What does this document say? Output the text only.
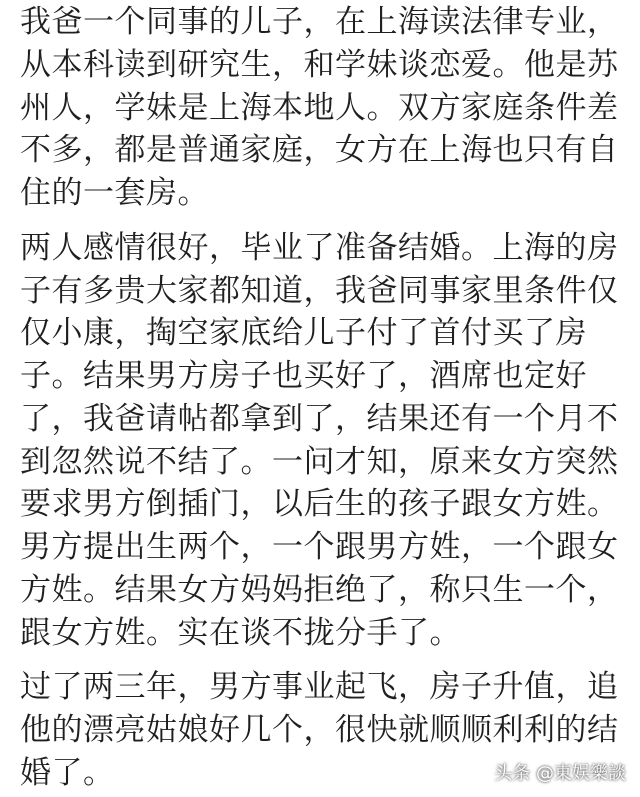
我爸一个同事的儿子，在上海读法律专业，
从本科读到研究生，和学妹谈恋爱。他是苏
州人，学妹是上海本地人。双方家庭条件差
不多，都是普通家庭，女方在上海也只有自
住的一套房。
两人感情很好，毕业了准备结婚。上海的房
子有多贵大家都知道，我爸同事家里条件仅
仅小康，掏空家底给儿子付了首付买了房
子。结果男方房子也买好了，酒席也定好
了，我爸请帖都拿到了，结果还有一个月不
到忽然说不结了。一问才知，原来女方突然
要求男方倒插门，以后生的孩子跟女方姓。
男方提出生两个，一个跟男方姓，一个跟女
方姓。结果女方妈妈拒绝了，称只生一个，
跟女方姓。实在谈不拢分手了。
过了两三年，男方事业起飞，房子升值，追
他的漂亮姑娘好几个，很快就顺顺利利的结
婚了。	头条 @東娱樂談
